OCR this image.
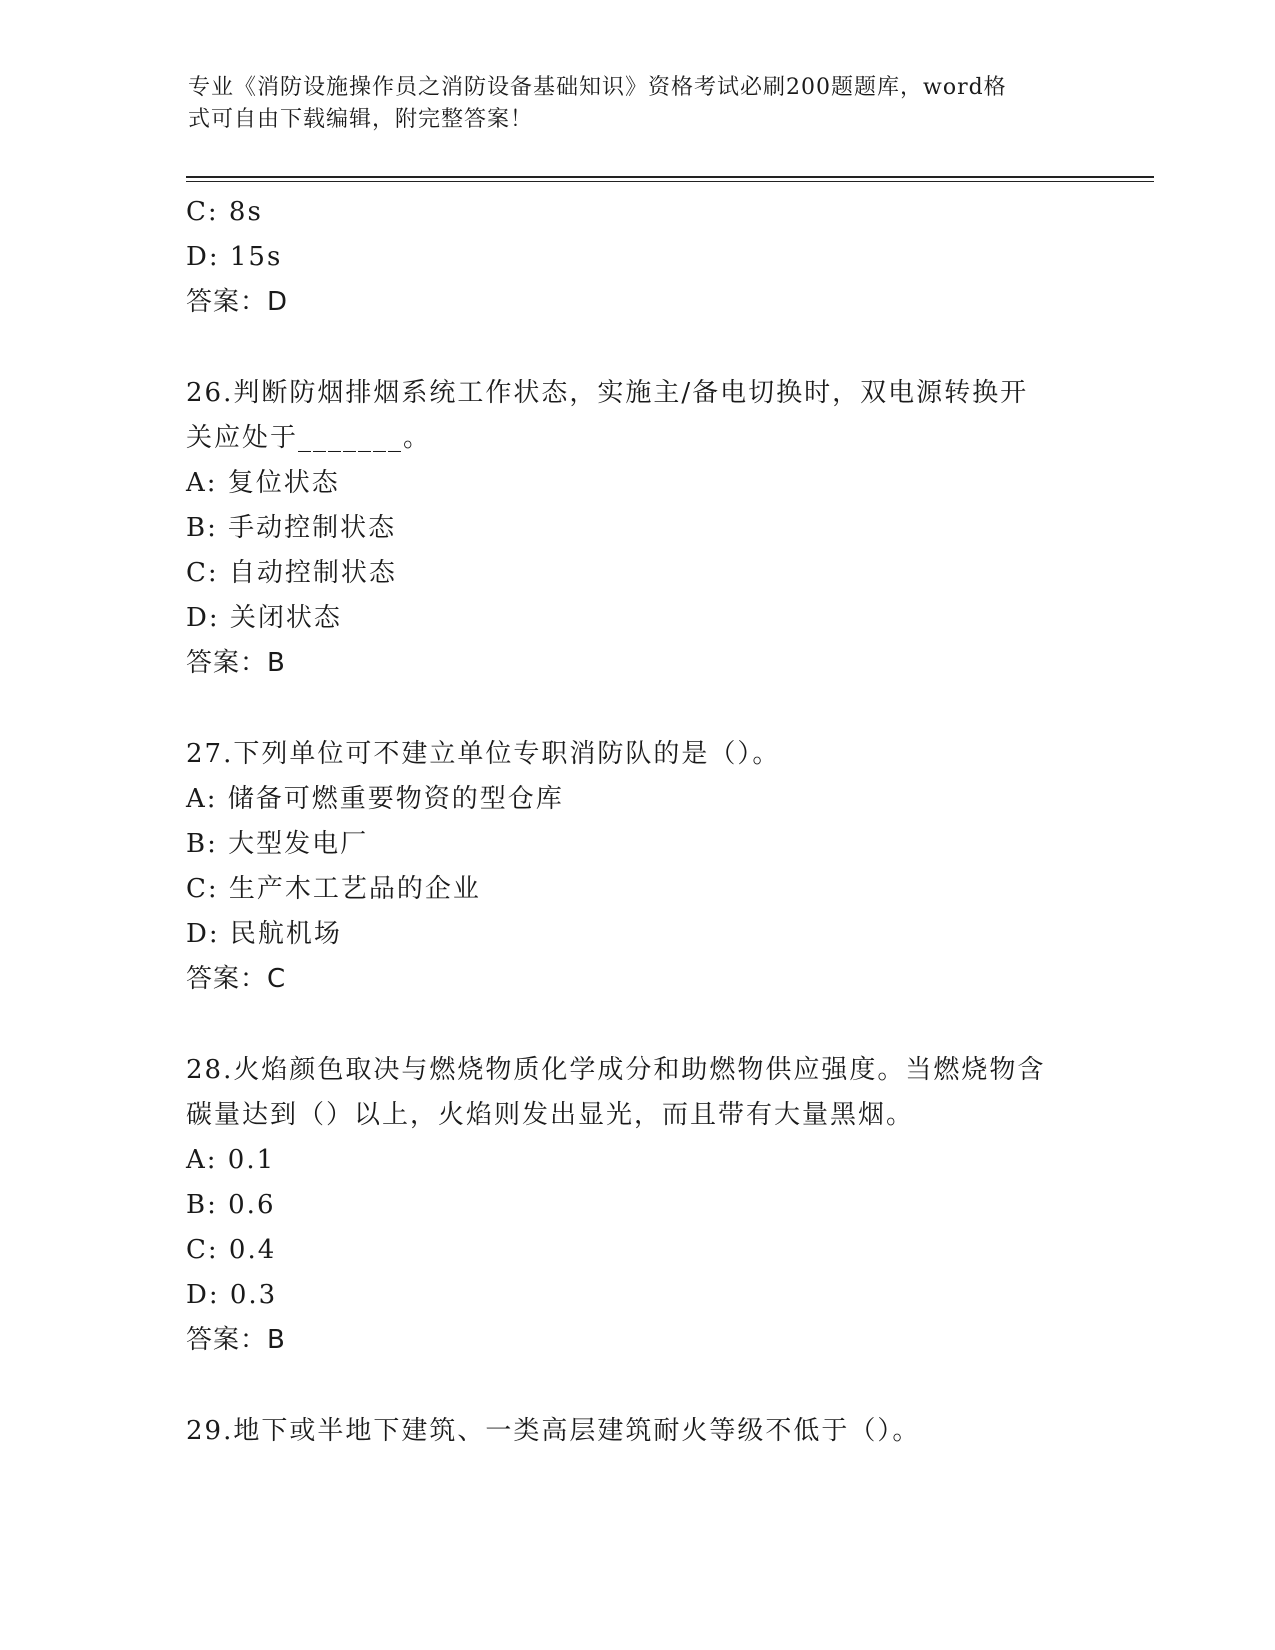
专业《消防设施操作员之消防设备基础知识》资格考试必刷200题题库，word格
式可自由下载编辑，附完整答案！
C: 8s
D: 15s
答案：D
26.判断防烟排烟系统工作状态，实施主/备电切换时，双电源转换开
关应处于_______。
A: 复位状态
B: 手动控制状态
C: 自动控制状态
D: 关闭状态
答案：B
27.下列单位可不建立单位专职消防队的是（）。
A: 储备可燃重要物资的型仓库
B: 大型发电厂
C: 生产木工艺品的企业
D: 民航机场
答案：C
28.火焰颜色取决与燃烧物质化学成分和助燃物供应强度。当燃烧物含
碳量达到（）以上，火焰则发出显光，而且带有大量黑烟。
A: 0.1
B: 0.6
C: 0.4
D: 0.3
答案：B
29.地下或半地下建筑、一类高层建筑耐火等级不低于（）。
